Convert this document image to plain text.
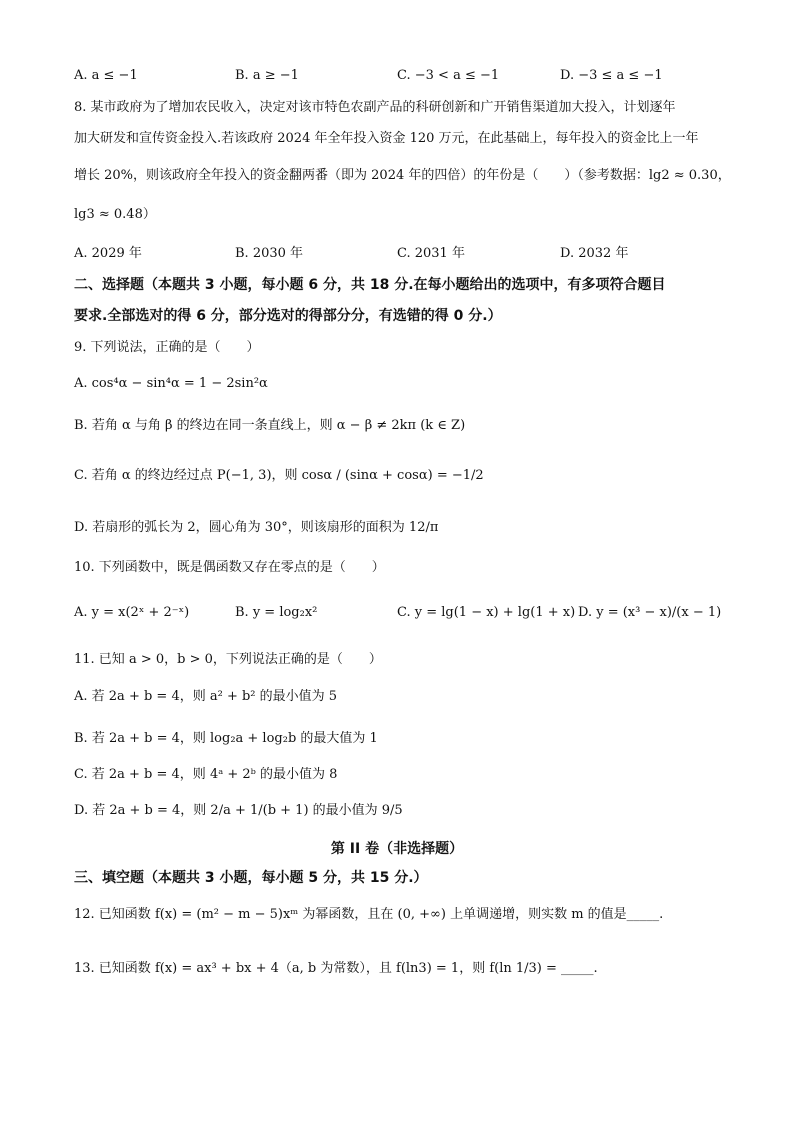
A. a ≤ −1	B. a ≥ −1	C. −3 < a ≤ −1	D. −3 ≤ a ≤ −1
8. 某市政府为了增加农民收入，决定对该市特色农副产品的科研创新和广开销售渠道加大投入，计划逐年
加大研发和宣传资金投入.若该政府 2024 年全年投入资金 120 万元，在此基础上，每年投入的资金比上一年
增长 20%，则该政府全年投入的资金翻两番（即为 2024 年的四倍）的年份是（　　）（参考数据：lg2 ≈ 0.30，
lg3 ≈ 0.48）
A. 2029 年	B. 2030 年	C. 2031 年	D. 2032 年
二、选择题（本题共 3 小题，每小题 6 分，共 18 分.在每小题给出的选项中，有多项符合题目
要求.全部选对的得 6 分，部分选对的得部分分，有选错的得 0 分.）
9. 下列说法，正确的是（　　）
A. cos⁴α − sin⁴α = 1 − 2sin²α
B. 若角 α 与角 β 的终边在同一条直线上，则 α − β ≠ 2kπ (k ∈ Z)
C. 若角 α 的终边经过点 P(−1, 3)，则 cosα / (sinα + cosα) = −1/2
D. 若扇形的弧长为 2，圆心角为 30°，则该扇形的面积为 12/π
10. 下列函数中，既是偶函数又存在零点的是（　　）
A. y = x(2ˣ + 2⁻ˣ)	B. y = log₂x²	C. y = lg(1 − x) + lg(1 + x) D. y = (x³ − x)/(x − 1)
11. 已知 a > 0，b > 0，下列说法正确的是（　　）
A. 若 2a + b = 4，则 a² + b² 的最小值为 5
B. 若 2a + b = 4，则 log₂a + log₂b 的最大值为 1
C. 若 2a + b = 4，则 4ᵃ + 2ᵇ 的最小值为 8
D. 若 2a + b = 4，则 2/a + 1/(b + 1) 的最小值为 9/5
第 II 卷（非选择题）
三、填空题（本题共 3 小题，每小题 5 分，共 15 分.）
12. 已知函数 f(x) = (m² − m − 5)xᵐ 为幂函数，且在 (0, +∞) 上单调递增，则实数 m 的值是_____.
13. 已知函数 f(x) = ax³ + bx + 4（a, b 为常数），且 f(ln3) = 1，则 f(ln 1/3) = _____.
